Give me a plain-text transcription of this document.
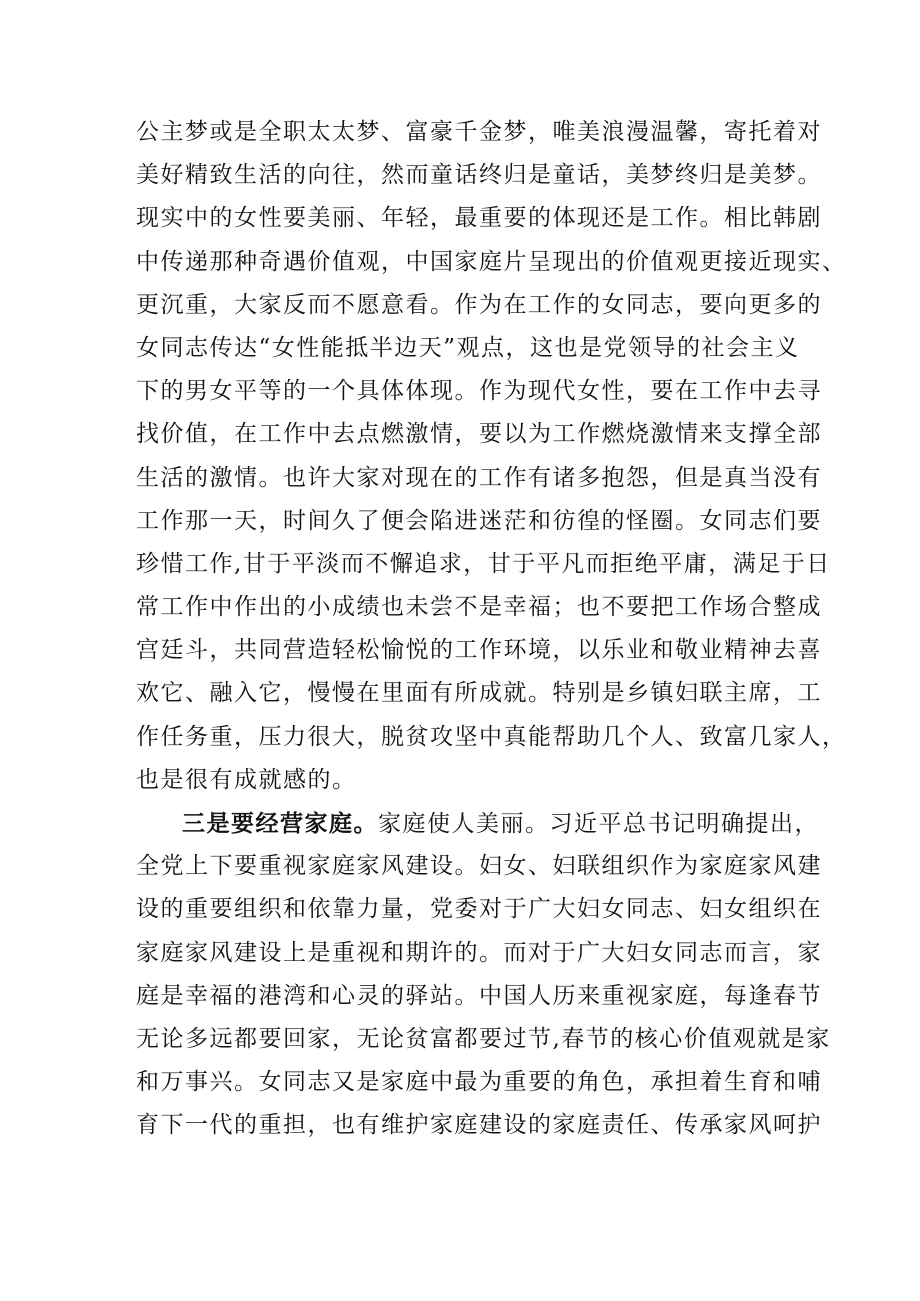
公主梦或是全职太太梦、富豪千金梦，唯美浪漫温馨，寄托着对
美好精致生活的向往，然而童话终归是童话，美梦终归是美梦。
现实中的女性要美丽、年轻，最重要的体现还是工作。相比韩剧
中传递那种奇遇价值观，中国家庭片呈现出的价值观更接近现实、
更沉重，大家反而不愿意看。作为在工作的女同志，要向更多的
女同志传达“女性能抵半边天”观点，这也是党领导的社会主义
下的男女平等的一个具体体现。作为现代女性，要在工作中去寻
找价值，在工作中去点燃激情，要以为工作燃烧激情来支撑全部
生活的激情。也许大家对现在的工作有诸多抱怨，但是真当没有
工作那一天，时间久了便会陷进迷茫和彷徨的怪圈。女同志们要
珍惜工作,甘于平淡而不懈追求，甘于平凡而拒绝平庸，满足于日
常工作中作出的小成绩也未尝不是幸福；也不要把工作场合整成
宫廷斗，共同营造轻松愉悦的工作环境，以乐业和敬业精神去喜
欢它、融入它，慢慢在里面有所成就。特别是乡镇妇联主席，工
作任务重，压力很大，脱贫攻坚中真能帮助几个人、致富几家人，
也是很有成就感的。
三是要经营家庭。家庭使人美丽。习近平总书记明确提出，
全党上下要重视家庭家风建设。妇女、妇联组织作为家庭家风建
设的重要组织和依靠力量，党委对于广大妇女同志、妇女组织在
家庭家风建设上是重视和期许的。而对于广大妇女同志而言，家
庭是幸福的港湾和心灵的驿站。中国人历来重视家庭，每逢春节
无论多远都要回家，无论贫富都要过节,春节的核心价值观就是家
和万事兴。女同志又是家庭中最为重要的角色，承担着生育和哺
育下一代的重担，也有维护家庭建设的家庭责任、传承家风呵护
